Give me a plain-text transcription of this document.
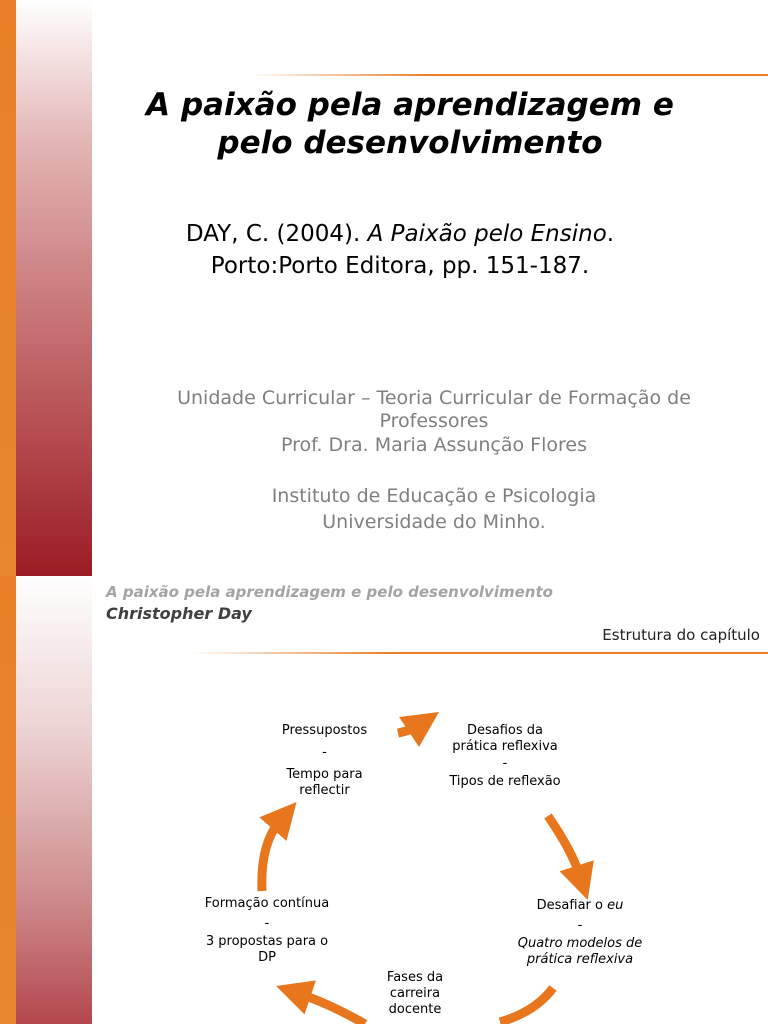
A paixão pela aprendizagem e
pelo desenvolvimento
DAY, C. (2004). A Paixão pelo Ensino.
Porto:Porto Editora, pp. 151-187.
Unidade Curricular – Teoria Curricular de Formação de
Professores
Prof. Dra. Maria Assunção Flores
Instituto de Educação e Psicologia
Universidade do Minho.
A paixão pela aprendizagem e pelo desenvolvimento
Christopher Day
Estrutura do capítulo
Pressupostos
-
Tempo para
reflectir
Desafios da
prática reflexiva
-
Tipos de reflexão
Desafiar o eu
-
Quatro modelos de
prática reflexiva
Fases da
carreira
docente
Formação contínua
-
3 propostas para o
DP
